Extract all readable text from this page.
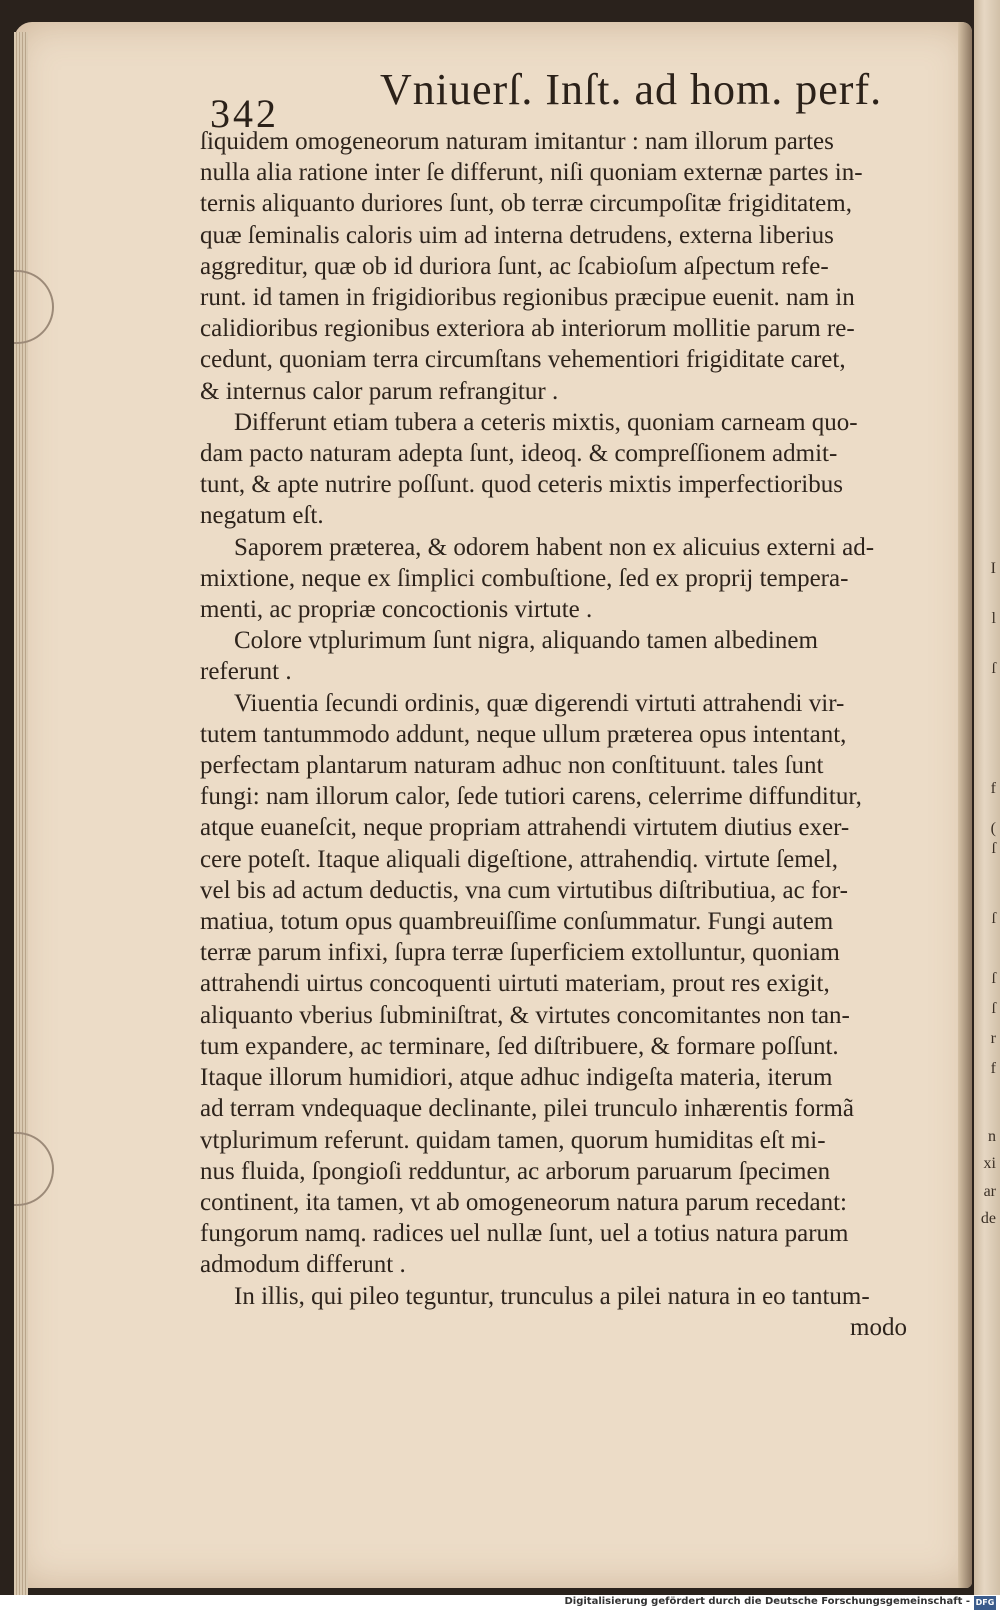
I
l
ſ
f
(
ſ
ſ
ſ
ſ
r
f
n
xi
ar
de
342 Vniuerſ. Inſt. ad hom. perf.
ſiquidem omogeneorum naturam imitantur : nam illorum partes
nulla alia ratione inter ſe differunt, niſi quoniam externæ partes in-
ternis aliquanto duriores ſunt, ob terræ circumpoſitæ frigiditatem,
quæ ſeminalis caloris uim ad interna detrudens, externa liberius
aggreditur, quæ ob id duriora ſunt, ac ſcabioſum aſpectum refe-
runt. id tamen in frigidioribus regionibus præcipue euenit. nam in
calidioribus regionibus exteriora ab interiorum mollitie parum re-
cedunt, quoniam terra circumſtans vehementiori frigiditate caret,
& internus calor parum refrangitur .
Differunt etiam tubera a ceteris mixtis, quoniam carneam quo-
dam pacto naturam adepta ſunt, ideoq. & compreſſionem admit-
tunt, & apte nutrire poſſunt. quod ceteris mixtis imperfectioribus
negatum eſt.
Saporem præterea, & odorem habent non ex alicuius externi ad-
mixtione, neque ex ſimplici combuſtione, ſed ex proprij tempera-
menti, ac propriæ concoctionis virtute .
Colore vtplurimum ſunt nigra, aliquando tamen albedinem
referunt .
Viuentia ſecundi ordinis, quæ digerendi virtuti attrahendi vir-
tutem tantummodo addunt, neque ullum præterea opus intentant,
perfectam plantarum naturam adhuc non conſtituunt. tales ſunt
fungi: nam illorum calor, ſede tutiori carens, celerrime diffunditur,
atque euaneſcit, neque propriam attrahendi virtutem diutius exer-
cere poteſt. Itaque aliquali digeſtione, attrahendiq. virtute ſemel,
vel bis ad actum deductis, vna cum virtutibus diſtributiua, ac for-
matiua, totum opus quambreuiſſime conſummatur. Fungi autem
terræ parum infixi, ſupra terræ ſuperficiem extolluntur, quoniam
attrahendi uirtus concoquenti uirtuti materiam, prout res exigit,
aliquanto vberius ſubminiſtrat, & virtutes concomitantes non tan-
tum expandere, ac terminare, ſed diſtribuere, & formare poſſunt.
Itaque illorum humidiori, atque adhuc indigeſta materia, iterum
ad terram vndequaque declinante, pilei trunculo inhærentis formã
vtplurimum referunt. quidam tamen, quorum humiditas eſt mi-
nus fluida, ſpongioſi redduntur, ac arborum paruarum ſpecimen
continent, ita tamen, vt ab omogeneorum natura parum recedant:
fungorum namq. radices uel nullæ ſunt, uel a totius natura parum
admodum differunt .
In illis, qui pileo teguntur, trunculus a pilei natura in eo tantum-
modo
Digitalisierung gefördert durch die Deutsche Forschungsgemeinschaft - DFG
